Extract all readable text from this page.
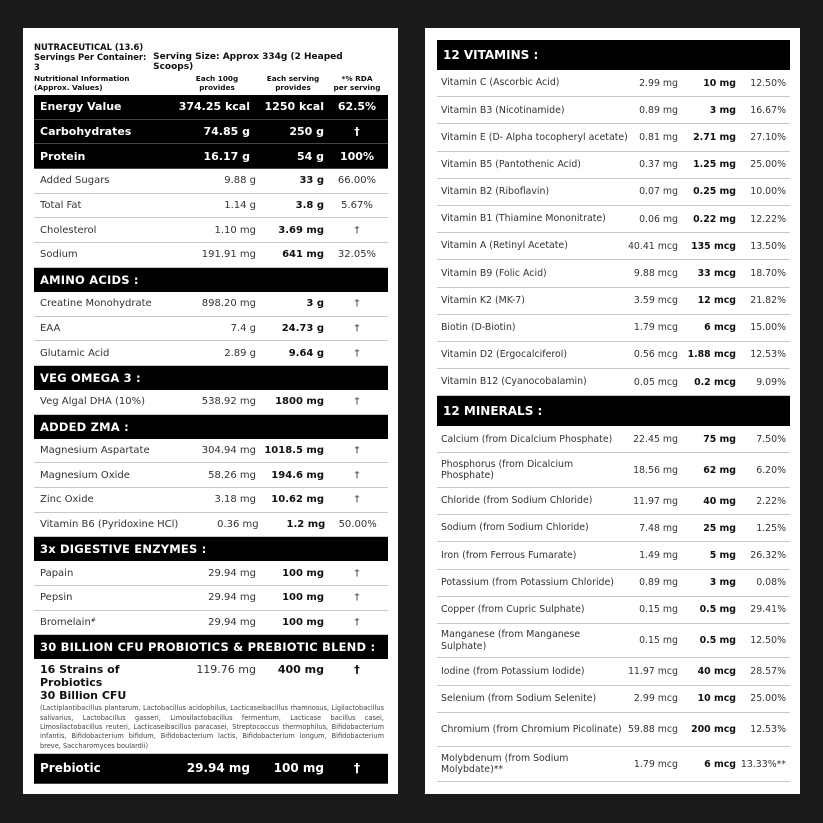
NUTRACEUTICAL (13.6)
Servings Per Container: 3
Serving Size: Approx 334g (2 Heaped Scoops)
Nutritional Information
(Approx. Values)
Each 100g
provides
Each serving
provides
*% RDA
per serving
Energy Value	374.25 kcal	1250 kcal	62.5%
Carbohydrates	74.85 g	250 g	†
Protein	16.17 g	54 g	100%
Added Sugars	9.88 g	33 g	66.00%
Total Fat	1.14 g	3.8 g	5.67%
Cholesterol	1.10 mg	3.69 mg	†
Sodium	191.91 mg	641 mg	32.05%
AMINO ACIDS :
Creatine Monohydrate	898.20 mg	3 g	†
EAA	7.4 g	24.73 g	†
Glutamic Acid	2.89 g	9.64 g	†
VEG OMEGA 3 :
Veg Algal DHA (10%)	538.92 mg	1800 mg	†
ADDED ZMA :
Magnesium Aspartate	304.94 mg 1018.5 mg	†
Magnesium Oxide	58.26 mg	194.6 mg	†
Zinc Oxide	3.18 mg	10.62 mg	†
Vitamin B6 (Pyridoxine HCl)	0.36 mg	1.2 mg	50.00%
3x DIGESTIVE ENZYMES :
Papain	29.94 mg	100 mg	†
Pepsin	29.94 mg	100 mg	†
Bromelain#	29.94 mg	100 mg	†
30 BILLION CFU PROBIOTICS & PREBIOTIC BLEND :
16 Strains of Probiotics
30 Billion CFU
119.76 mg	400 mg	†
(Lactiplantibacillus plantarum, Lactobacillus acidophilus, Lacticaseibacillus rhamnosus, Ligilactobacillus salivarius, Lactobacillus gasseri, Limosilactobacillus fermentum, Lacticase bacillus casei, Limosilactobacillus reuteri, Lacticaseibacillus paracasei, Streptococcus thermophilus, Bifidobacterium infantis, Bifidobacterium bifidum, Bifidobacterium lactis, Bifidobacterium longum, Bifidobacterium breve, Saccharomyces boulardii)
Prebiotic	29.94 mg	100 mg	†
12 VITAMINS :
Vitamin C (Ascorbic Acid)	2.99 mg	10 mg	12.50%
Vitamin B3 (Nicotinamide)	0.89 mg	3 mg	16.67%
Vitamin E (D- Alpha tocopheryl acetate)	0.81 mg	2.71 mg	27.10%
Vitamin B5 (Pantothenic Acid)	0.37 mg	1.25 mg	25.00%
Vitamin B2 (Riboflavin)	0.07 mg	0.25 mg	10.00%
Vitamin B1 (Thiamine Mononitrate)	0.06 mg	0.22 mg	12.22%
Vitamin A (Retinyl Acetate)	40.41 mcg	135 mcg	13.50%
Vitamin B9 (Folic Acid)	9.88 mcg	33 mcg	18.70%
Vitamin K2 (MK-7)	3.59 mcg	12 mcg	21.82%
Biotin (D-Biotin)	1.79 mcg	6 mcg	15.00%
Vitamin D2 (Ergocalciferol)	0.56 mcg	1.88 mcg	12.53%
Vitamin B12 (Cyanocobalamin)	0.05 mcg	0.2 mcg	9.09%
12 MINERALS :
Calcium (from Dicalcium Phosphate)	22.45 mg	75 mg	7.50%
Phosphorus (from Dicalcium Phosphate)	18.56 mg	62 mg	6.20%
Chloride (from Sodium Chloride)	11.97 mg	40 mg	2.22%
Sodium (from Sodium Chloride)	7.48 mg	25 mg	1.25%
Iron (from Ferrous Fumarate)	1.49 mg	5 mg	26.32%
Potassium (from Potassium Chloride)	0.89 mg	3 mg	0.08%
Copper (from Cupric Sulphate)	0.15 mg	0.5 mg	29.41%
Manganese (from Manganese Sulphate)	0.15 mg	0.5 mg	12.50%
Iodine (from Potassium Iodide)	11.97 mcg	40 mcg	28.57%
Selenium (from Sodium Selenite)	2.99 mcg	10 mcg	25.00%
Chromium (from Chromium Picolinate) 59.88 mcg	200 mcg	12.53%
Molybdenum (from Sodium Molybdate)**	1.79 mcg	6 mcg 13.33%**
